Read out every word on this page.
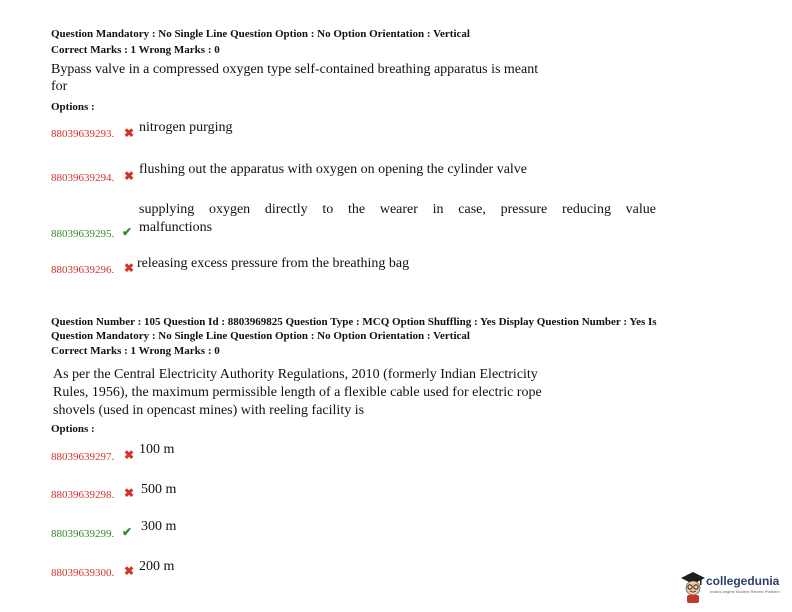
Question Mandatory : No Single Line Question Option : No Option Orientation : Vertical
Correct Marks : 1 Wrong Marks : 0
Bypass valve in a compressed oxygen type self-contained breathing apparatus is meant
for
Options :
88039639293. ✖ nitrogen purging
88039639294. ✖ flushing out the apparatus with oxygen on opening the cylinder valve
supplying oxygen directly to the wearer in case, pressure reducing value
88039639295. ✔ malfunctions
88039639296. ✖ releasing excess pressure from the breathing bag
Question Number : 105 Question Id : 8803969825 Question Type : MCQ Option Shuffling : Yes Display Question Number : Yes Is
Question Mandatory : No Single Line Question Option : No Option Orientation : Vertical
Correct Marks : 1 Wrong Marks : 0
As per the Central Electricity Authority Regulations, 2010 (formerly Indian Electricity
Rules, 1956), the maximum permissible length of a flexible cable used for electric rope
shovels (used in opencast mines) with reeling facility is
Options :
88039639297. ✖ 100 m
88039639298. ✖ 500 m
88039639299. ✔ 300 m
88039639300. ✖ 200 m
collegedunia
India's largest Student Review Platform
